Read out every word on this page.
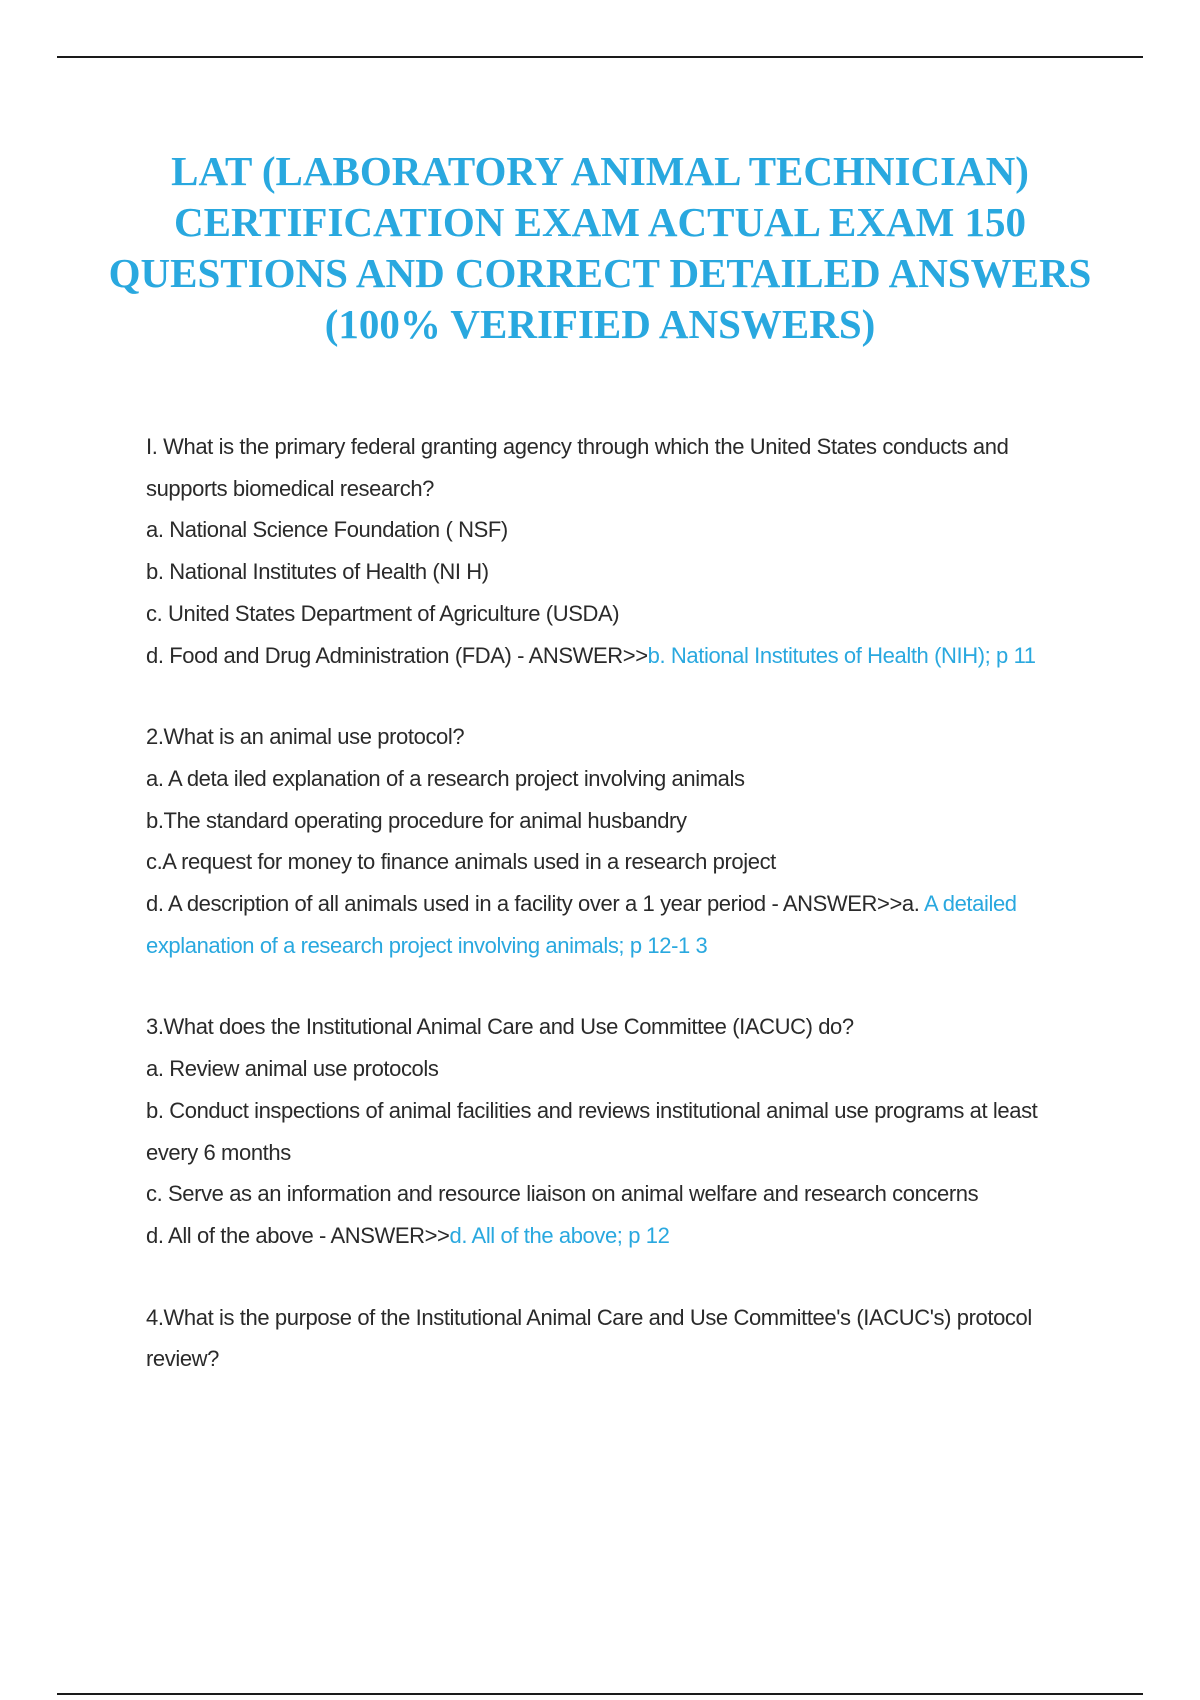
LAT (LABORATORY ANIMAL TECHNICIAN) CERTIFICATION EXAM ACTUAL EXAM 150 QUESTIONS AND CORRECT DETAILED ANSWERS (100% VERIFIED ANSWERS)

I. What is the primary federal granting agency through which the United States conducts and supports biomedical research?

a. National Science Foundation ( NSF)

b. National Institutes of Health (NI H)

c. United States Department of Agriculture (USDA)

d. Food and Drug Administration (FDA) - ANSWER>>b. National Institutes of Health (NIH); p 11

2.What is an animal use protocol?

a. A deta iled explanation of a research project involving animals

b.The standard operating procedure for animal husbandry

c.A request for money to finance animals used in a research project

d. A description of all animals used in a facility over a 1 year period - ANSWER>>a. A detailed explanation of a research project involving animals; p 12-1 3

3.What does the Institutional Animal Care and Use Committee (IACUC) do?

a. Review animal use protocols

b. Conduct inspections of animal facilities and reviews institutional animal use programs at least every 6 months

c. Serve as an information and resource liaison on animal welfare and research concerns

d. All of the above - ANSWER>>d. All of the above; p 12

4.What is the purpose of the Institutional Animal Care and Use Committee's (IACUC's) protocol review?
